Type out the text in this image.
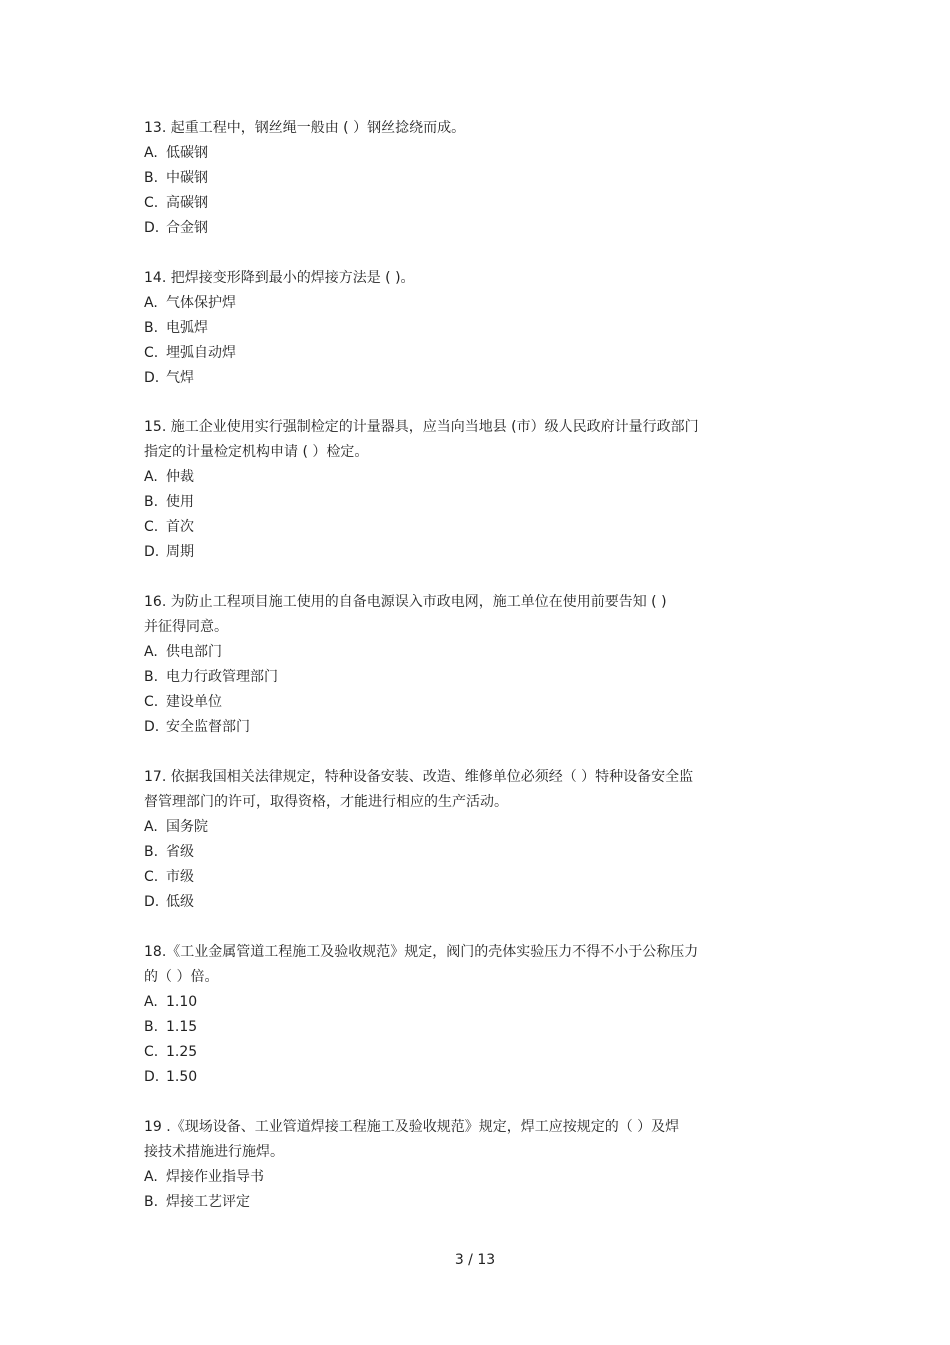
13. 起重工程中，钢丝绳一般由 ( ）钢丝捻绕而成。
A. 低碳钢
B. 中碳钢
C. 高碳钢
D. 合金钢
14. 把焊接变形降到最小的焊接方法是 ( )。
A. 气体保护焊
B. 电弧焊
C. 埋弧自动焊
D. 气焊
15. 施工企业使用实行强制检定的计量器具，应当向当地县 (市）级人民政府计量行政部门
指定的计量检定机构申请 ( ）检定。
A. 仲裁
B. 使用
C. 首次
D. 周期
16. 为防止工程项目施工使用的自备电源误入市政电网，施工单位在使用前要告知 ( )
并征得同意。
A. 供电部门
B. 电力行政管理部门
C. 建设单位
D. 安全监督部门
17. 依据我国相关法律规定，特种设备安装、改造、维修单位必须经（ ）特种设备安全监
督管理部门的许可，取得资格，才能进行相应的生产活动。
A. 国务院
B. 省级
C. 市级
D. 低级
18.《工业金属管道工程施工及验收规范》规定，阀门的壳体实验压力不得不小于公称压力
的（ ）倍。
A. 1.10
B. 1.15
C. 1.25
D. 1.50
19 .《现场设备、工业管道焊接工程施工及验收规范》规定，焊工应按规定的（ ）及焊
接技术措施进行施焊。
A. 焊接作业指导书
B. 焊接工艺评定
3 / 13
